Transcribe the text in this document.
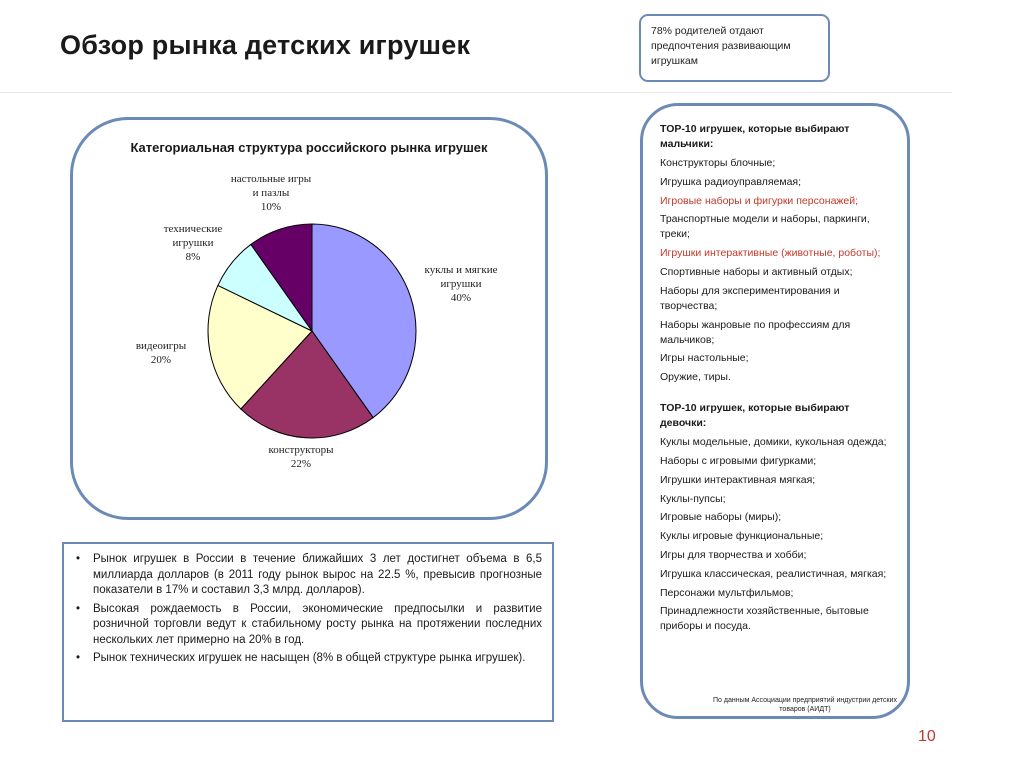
Обзор рынка детских игрушек	78% родителей отдают предпочтения развивающим игрушкам
Категориальная структура российского рынка игрушек
куклы и мягкие игрушки 40%
конструкторы 22%
видеоигры 20%
технические игрушки 8%
настольные игры и пазлы 10%
• Рынок игрушек в России в течение ближайших 3 лет достигнет объема в 6,5 миллиарда долларов (в 2011 году рынок вырос на 22.5 %, превысив прогнозные показатели в 17% и составил 3,3 млрд. долларов).
• Высокая рождаемость в России, экономические предпосылки и развитие розничной торговли ведут к стабильному росту рынка на протяжении последних нескольких лет примерно на 20% в год.
• Рынок технических игрушек не насыщен (8% в общей структуре рынка игрушек).
TOP-10 игрушек, которые выбирают мальчики:
Конструкторы блочные;
Игрушка радиоуправляемая;
Игровые наборы и фигурки персонажей;
Транспортные модели и наборы, паркинги, треки;
Игрушки интерактивные (животные, роботы);
Спортивные наборы и активный отдых;
Наборы для экспериментирования и творчества;
Наборы жанровые по профессиям для мальчиков;
Игры настольные;
Оружие, тиры.
TOP-10 игрушек, которые выбирают девочки:
Куклы модельные, домики, кукольная одежда;
Наборы с игровыми фигурками;
Игрушки интерактивная мягкая;
Куклы-пупсы;
Игровые наборы (миры);
Куклы игровые функциональные;
Игры для творчества и хобби;
Игрушка классическая, реалистичная, мягкая;
Персонажи мультфильмов;
Принадлежности хозяйственные, бытовые приборы и посуда.
По данным Ассоциации предприятий индустрии детских товаров (АИДТ)
10
